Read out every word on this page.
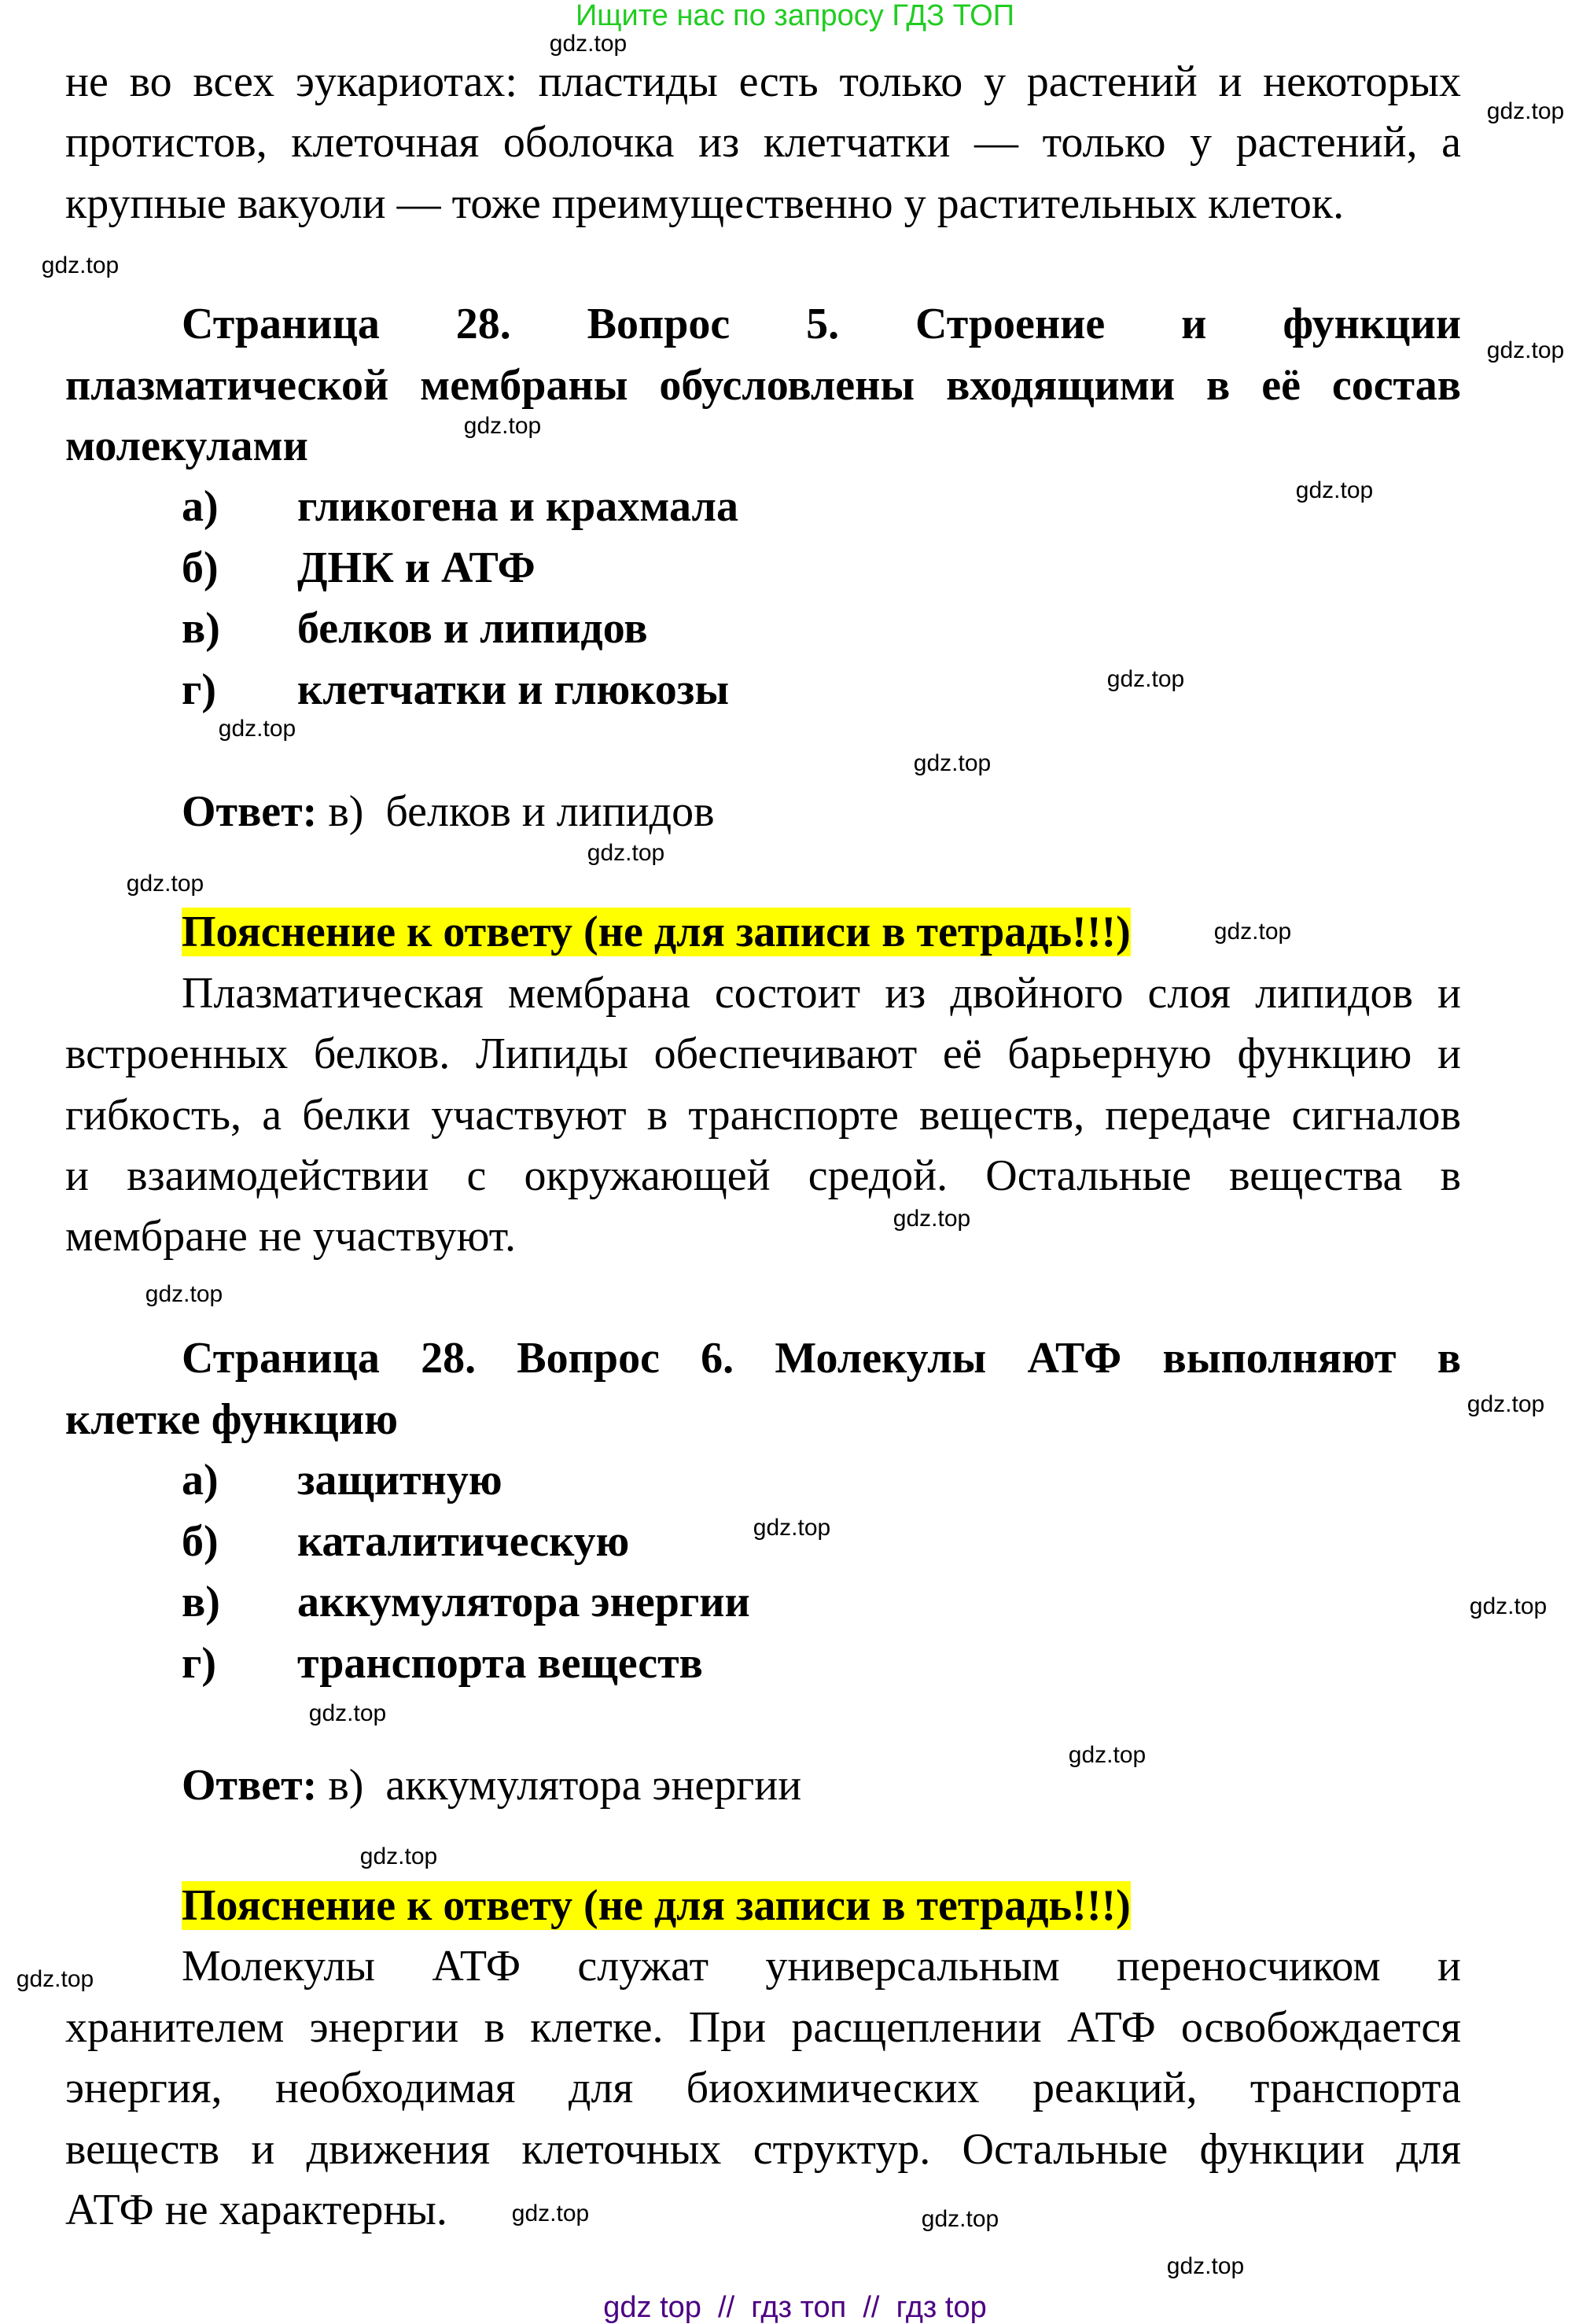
Ищите нас по запросу ГДЗ ТОП
не во всех эукариотах: пластиды есть только у растений и некоторых
протистов, клеточная оболочка из клетчатки — только у растений, а
крупные вакуоли — тоже преимущественно у растительных клеток.
Страница 28. Вопрос 5. Строение и функции
плазматической мембраны обусловлены входящими в её состав
молекулами
а) гликогена и крахмала
б) ДНК и АТФ
в) белков и липидов
г) клетчатки и глюкозы
Ответ: в)  белков и липидов
Пояснение к ответу (не для записи в тетрадь!!!)
Плазматическая мембрана состоит из двойного слоя липидов и
встроенных белков. Липиды обеспечивают её барьерную функцию и
гибкость, а белки участвуют в транспорте веществ, передаче сигналов
и взаимодействии с окружающей средой. Остальные вещества в
мембране не участвуют.
Страница 28. Вопрос 6. Молекулы АТФ выполняют в
клетке функцию
а) защитную
б) каталитическую
в) аккумулятора энергии
г) транспорта веществ
Ответ: в)  аккумулятора энергии
Пояснение к ответу (не для записи в тетрадь!!!)
Молекулы АТФ служат универсальным переносчиком и
хранителем энергии в клетке. При расщеплении АТФ освобождается
энергия, необходимая для биохимических реакций, транспорта
веществ и движения клеточных структур. Остальные функции для
АТФ не характерны.
gdz.top
gdz.top
gdz.top
gdz.top
gdz.top
gdz.top
gdz.top
gdz.top
gdz.top
gdz.top
gdz.top
gdz.top
gdz.top
gdz.top
gdz.top
gdz.top
gdz.top
gdz.top
gdz.top
gdz.top
gdz.top
gdz.top	gdz.top
gdz.top
gdz top  //  гдз топ  //  гдз top
